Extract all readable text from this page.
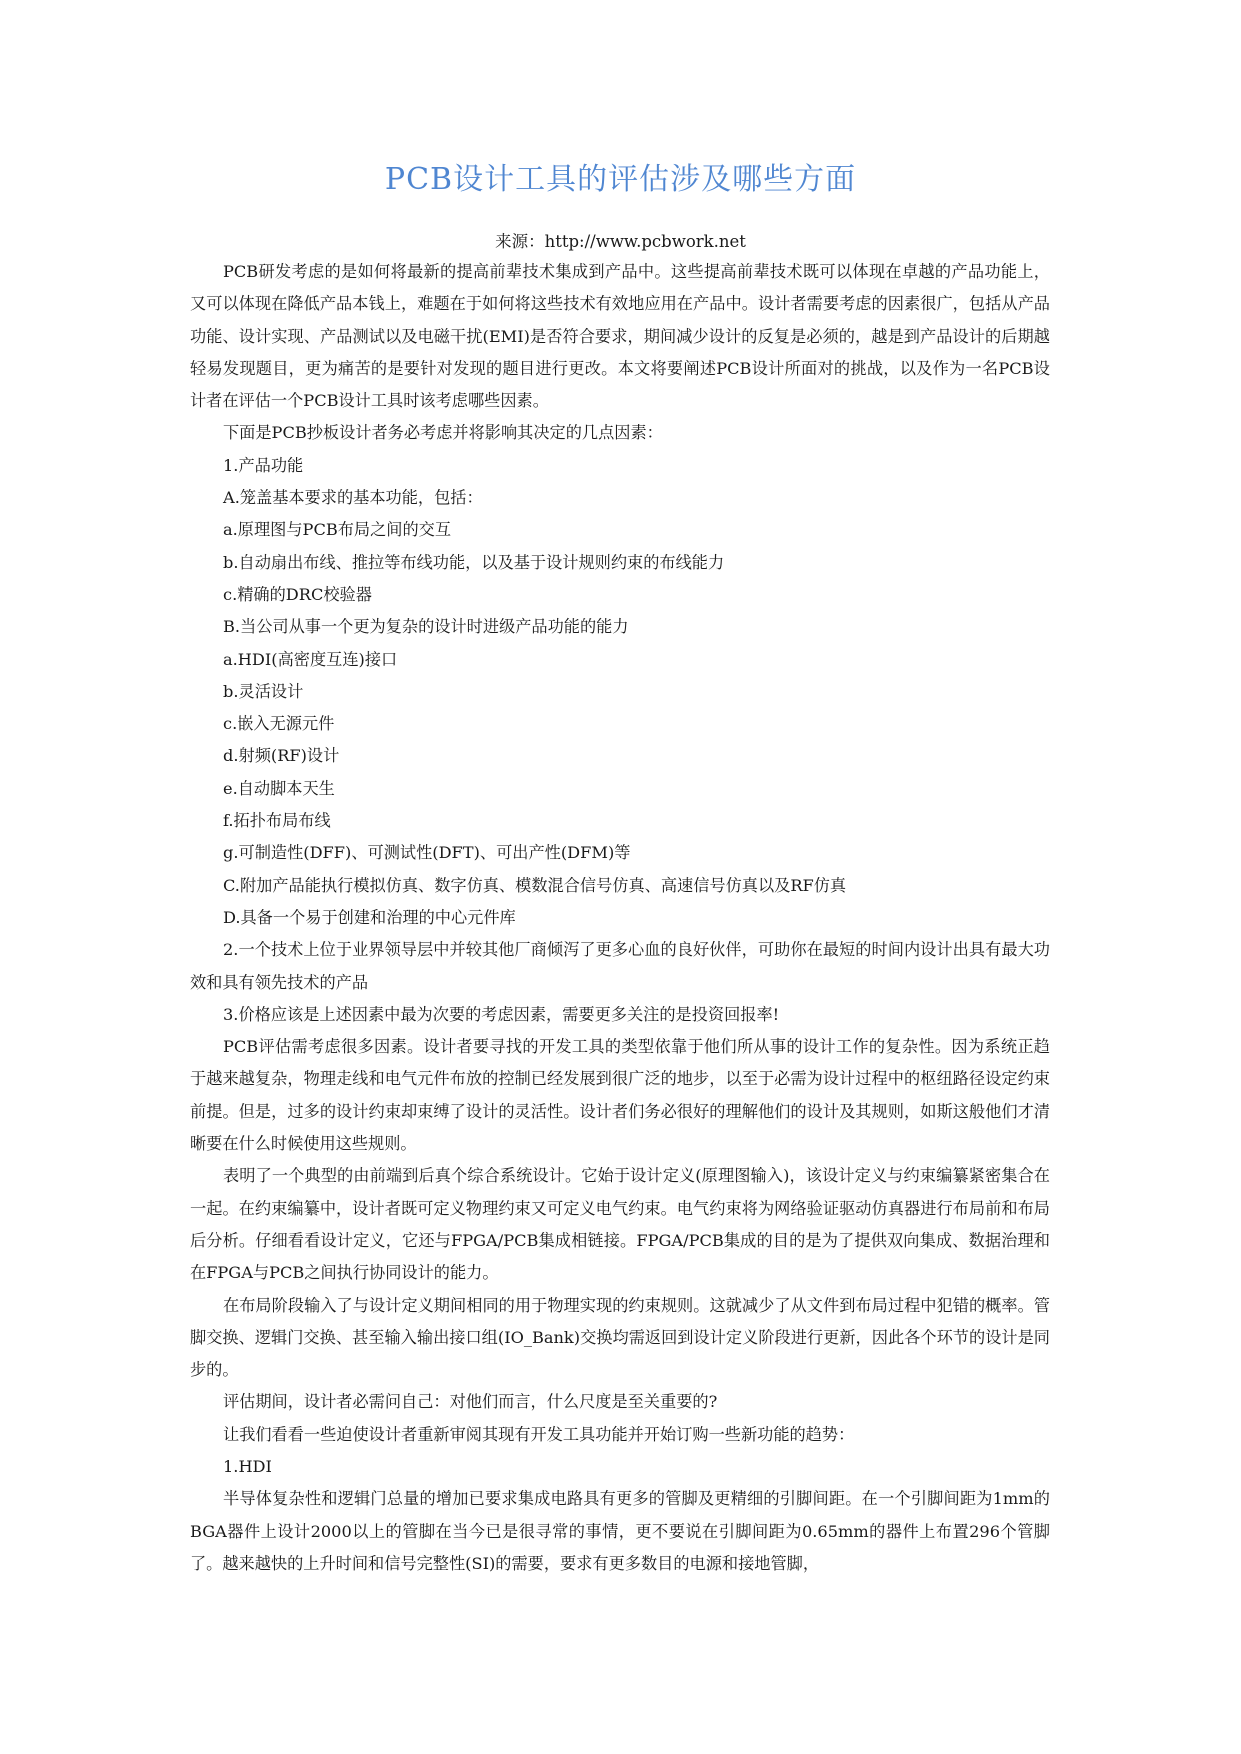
PCB设计工具的评估涉及哪些方面
来源：http://www.pcbwork.net

PCB研发考虑的是如何将最新的提高前辈技术集成到产品中。这些提高前辈技术既可以体现在卓越的产品功能上，又可以体现在降低产品本钱上，难题在于如何将这些技术有效地应用在产品中。设计者需要考虑的因素很广，包括从产品功能、设计实现、产品测试以及电磁干扰(EMI)是否符合要求，期间减少设计的反复是必须的，越是到产品设计的后期越轻易发现题目，更为痛苦的是要针对发现的题目进行更改。本文将要阐述PCB设计所面对的挑战，以及作为一名PCB设计者在评估一个PCB设计工具时该考虑哪些因素。

下面是PCB抄板设计者务必考虑并将影响其决定的几点因素：

1.产品功能

A.笼盖基本要求的基本功能，包括：

a.原理图与PCB布局之间的交互

b.自动扇出布线、推拉等布线功能，以及基于设计规则约束的布线能力

c.精确的DRC校验器

B.当公司从事一个更为复杂的设计时进级产品功能的能力

a.HDI(高密度互连)接口

b.灵活设计

c.嵌入无源元件

d.射频(RF)设计

e.自动脚本天生

f.拓扑布局布线

g.可制造性(DFF)、可测试性(DFT)、可出产性(DFM)等

C.附加产品能执行模拟仿真、数字仿真、模数混合信号仿真、高速信号仿真以及RF仿真

D.具备一个易于创建和治理的中心元件库

2.一个技术上位于业界领导层中并较其他厂商倾泻了更多心血的良好伙伴，可助你在最短的时间内设计出具有最大功效和具有领先技术的产品

3.价格应该是上述因素中最为次要的考虑因素，需要更多关注的是投资回报率!

PCB评估需考虑很多因素。设计者要寻找的开发工具的类型依靠于他们所从事的设计工作的复杂性。因为系统正趋于越来越复杂，物理走线和电气元件布放的控制已经发展到很广泛的地步，以至于必需为设计过程中的枢纽路径设定约束前提。但是，过多的设计约束却束缚了设计的灵活性。设计者们务必很好的理解他们的设计及其规则，如斯这般他们才清晰要在什么时候使用这些规则。

表明了一个典型的由前端到后真个综合系统设计。它始于设计定义(原理图输入)，该设计定义与约束编纂紧密集合在一起。在约束编纂中，设计者既可定义物理约束又可定义电气约束。电气约束将为网络验证驱动仿真器进行布局前和布局后分析。仔细看看设计定义，它还与FPGA/PCB集成相链接。FPGA/PCB集成的目的是为了提供双向集成、数据治理和在FPGA与PCB之间执行协同设计的能力。

在布局阶段输入了与设计定义期间相同的用于物理实现的约束规则。这就减少了从文件到布局过程中犯错的概率。管脚交换、逻辑门交换、甚至输入输出接口组(IO_Bank)交换均需返回到设计定义阶段进行更新，因此各个环节的设计是同步的。

评估期间，设计者必需问自己：对他们而言，什么尺度是至关重要的?

让我们看看一些迫使设计者重新审阅其现有开发工具功能并开始订购一些新功能的趋势：

1.HDI

半导体复杂性和逻辑门总量的增加已要求集成电路具有更多的管脚及更精细的引脚间距。在一个引脚间距为1mm的BGA器件上设计2000以上的管脚在当今已是很寻常的事情，更不要说在引脚间距为0.65mm的器件上布置296个管脚了。越来越快的上升时间和信号完整性(SI)的需要，要求有更多数目的电源和接地管脚，
